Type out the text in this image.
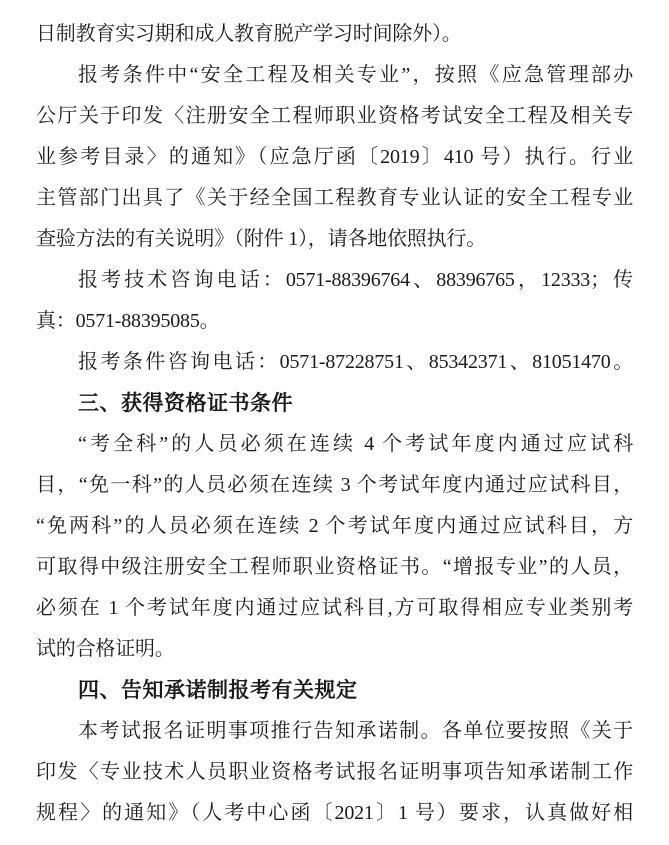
日制教育实习期和成人教育脱产学习时间除外）。
报考条件中“安全工程及相关专业”，按照《应急管理部办
公厅关于印发〈注册安全工程师职业资格考试安全工程及相关专
业参考目录〉的通知》（应急厅函〔2019〕410 号）执行。行业
主管部门出具了《关于经全国工程教育专业认证的安全工程专业
查验方法的有关说明》（附件 1），请各地依照执行。
报考技术咨询电话：0571-88396764、88396765，12333；传
真：0571-88395085。
报考条件咨询电话：0571-87228751、85342371、81051470。
三、获得资格证书条件
“考全科”的人员必须在连续 4 个考试年度内通过应试科
目，“免一科”的人员必须在连续 3 个考试年度内通过应试科目，
“免两科”的人员必须在连续 2 个考试年度内通过应试科目，方
可取得中级注册安全工程师职业资格证书。“增报专业”的人员，
必须在 1 个考试年度内通过应试科目,方可取得相应专业类别考
试的合格证明。
四、告知承诺制报考有关规定
本考试报名证明事项推行告知承诺制。各单位要按照《关于
印发〈专业技术人员职业资格考试报名证明事项告知承诺制工作
规程〉的通知》（人考中心函〔2021〕1 号）要求，认真做好相
